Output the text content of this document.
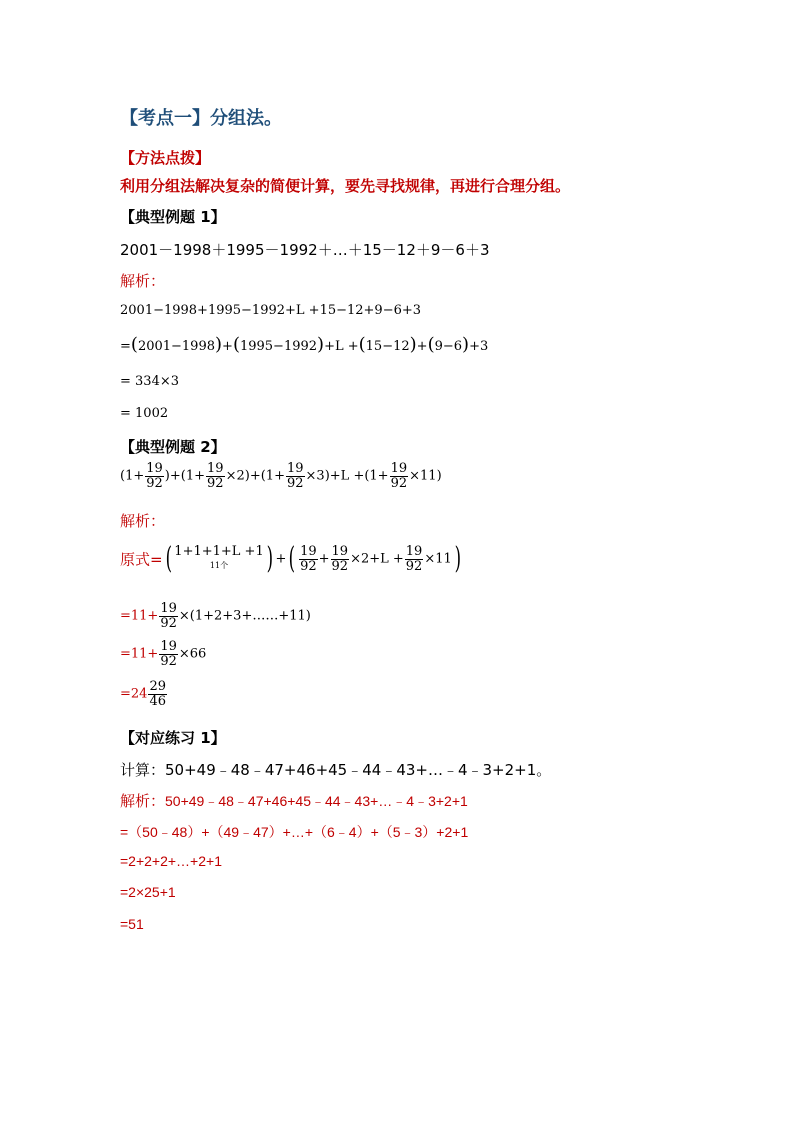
【考点一】分组法。
【方法点拨】
利用分组法解决复杂的简便计算，要先寻找规律，再进行合理分组。
【典型例题 1】
2001－1998＋1995－1992＋…＋15－12＋9－6＋3
解析：
2001−1998+1995−1992+L +15−12+9−6+3
=(2001−1998)+(1995−1992)+L +(15−12)+(9−6)+3
= 334×3
= 1002
【典型例题 2】
$(1+ \frac{19}{92} )+(1+ \frac{19}{92} \times 2)+(1+ \frac{19}{92} \times 3)+L +(1+ \frac{19}{92} \times 11)$
解析：
原式=( 1+1+1+L +1
11个	) +( $\frac{19}{92} + \frac{19}{92} \times 2+L + \frac{19}{92} \times 11$)
$=11+ \frac{19}{92}$ ×(1+2+3+……+11)
$=11+ \frac{19}{92} \times 66$
$=24 \frac{29}{46}$
【对应练习 1】
计算：50+49﹣48﹣47+46+45﹣44﹣43+…﹣4﹣3+2+1。
解析：50+49﹣48﹣47+46+45﹣44﹣43+…﹣4﹣3+2+1
=（50﹣48）+（49﹣47）+…+（6﹣4）+（5﹣3）+2+1
=2+2+2+…+2+1
=2×25+1
=51
